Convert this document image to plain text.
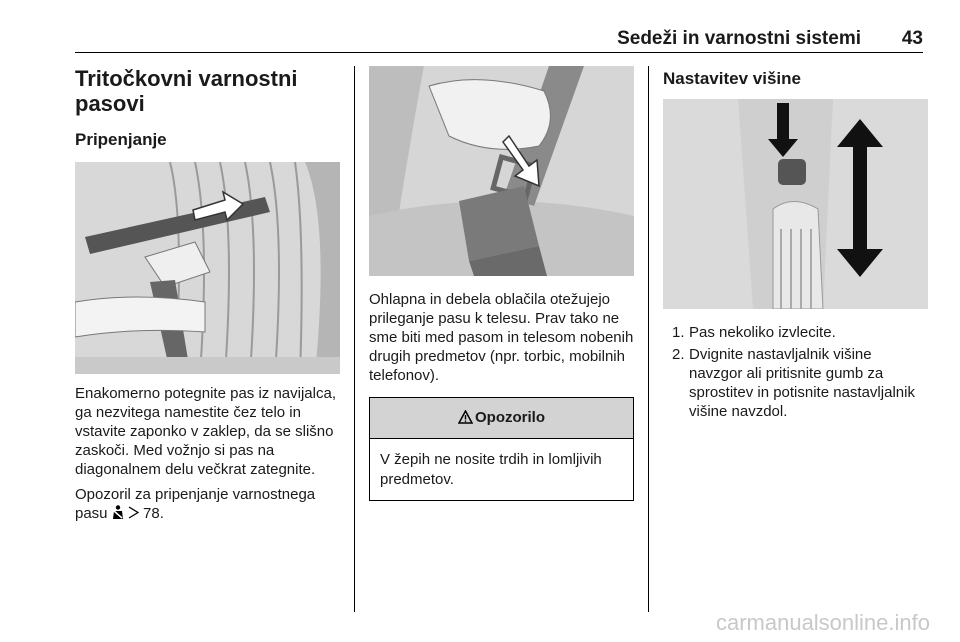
Sedeži in varnostni sistemi 43
Tritočkovni varnostni pasovi
Pripenjanje

Enakomerno potegnite pas iz navijalca, ga nezvitega namestite čez telo in vstavite zaponko v zaklep, da se slišno zaskoči. Med vožnjo si pas na diagonalnem delu večkrat zategnite.

Opozoril za pripenjanje varnostnega pasu 78.

Ohlapna in debela oblačila otežujejo prileganje pasu k telesu. Prav tako ne sme biti med pasom in telesom nobenih drugih predmetov (npr. torbic, mobilnih telefonov).

Opozorilo
V žepih ne nosite trdih in lomljivih predmetov.
Nastavitev višine
1. Pas nekoliko izvlecite.
2. Dvignite nastavljalnik višine navzgor ali pritisnite gumb za sprostitev in potisnite nastavljalnik višine navzdol.
carmanualsonline.info
